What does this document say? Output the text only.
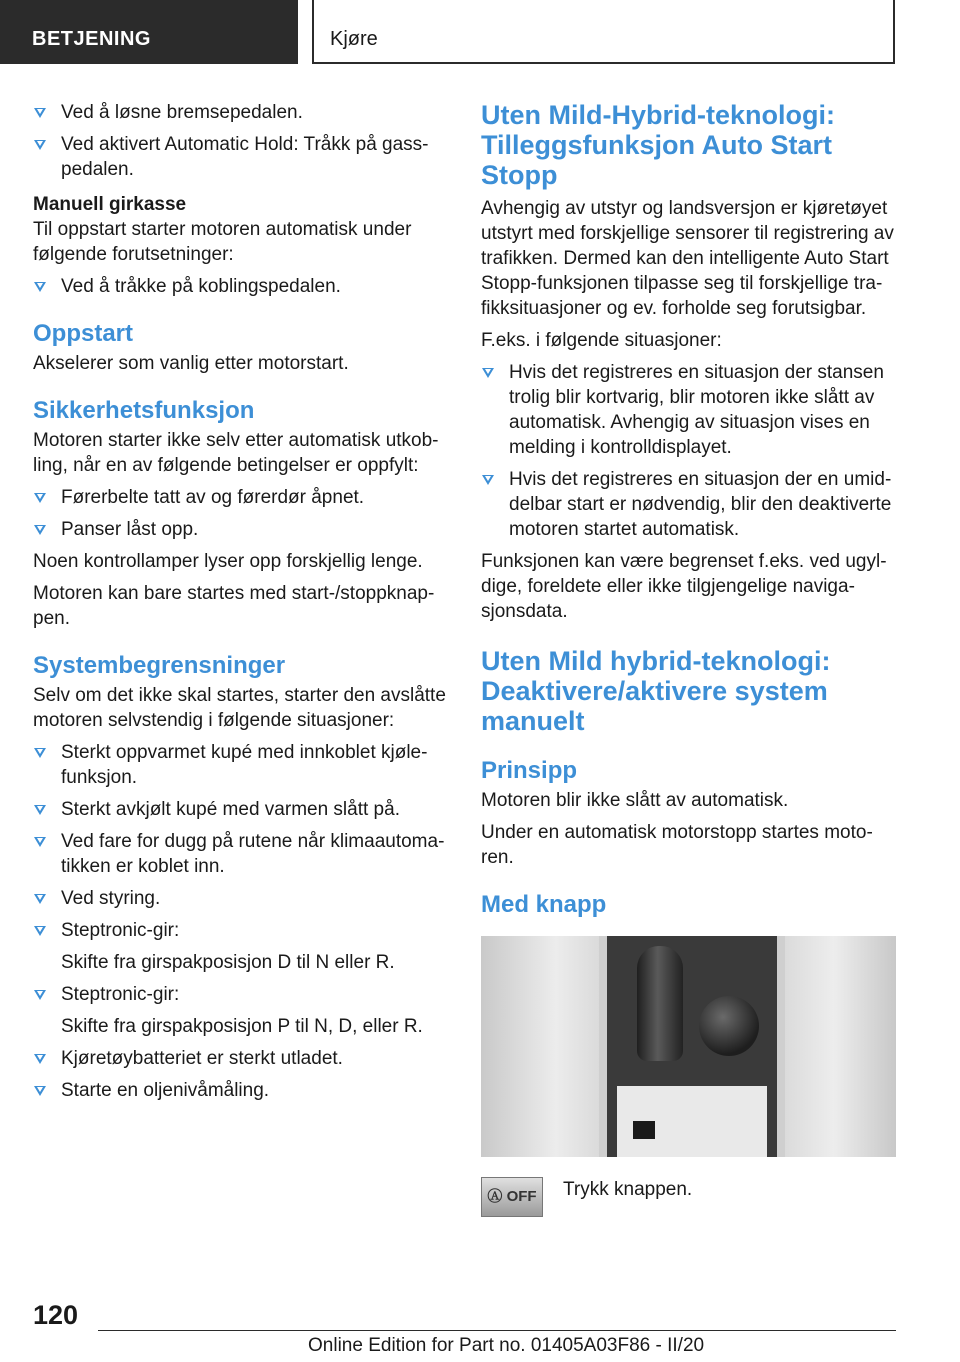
BETJENING	Kjøre
Ved å løsne bremsepedalen.
Ved aktivert Automatic Hold: Tråkk på gass-pedalen.
Manuell girkasse
Til oppstart starter motoren automatisk under følgende forutsetninger:
Ved å tråkke på koblingspedalen.
Oppstart
Akselerer som vanlig etter motorstart.
Sikkerhetsfunksjon
Motoren starter ikke selv etter automatisk utkob-ling, når en av følgende betingelser er oppfylt:
Førerbelte tatt av og førerdør åpnet.
Panser låst opp.
Noen kontrollamper lyser opp forskjellig lenge.
Motoren kan bare startes med start-/stoppknap-pen.
Systembegrensninger
Selv om det ikke skal startes, starter den avslåtte motoren selvstendig i følgende situasjoner:
Sterkt oppvarmet kupé med innkoblet kjøle-funksjon.
Sterkt avkjølt kupé med varmen slått på.
Ved fare for dugg på rutene når klimaautoma-tikken er koblet inn.
Ved styring.
Steptronic-gir:
Skifte fra girspakposisjon D til N eller R.
Steptronic-gir:
Skifte fra girspakposisjon P til N, D, eller R.
Kjøretøybatteriet er sterkt utladet.
Starte en oljenivåmåling.
Uten Mild-Hybrid-teknologi: Tilleggsfunksjon Auto Start Stopp
Avhengig av utstyr og landsversjon er kjøretøyet utstyrt med forskjellige sensorer til registrering av trafikken. Dermed kan den intelligente Auto Start Stopp-funksjonen tilpasse seg til forskjellige tra-fikksituasjoner og ev. forholde seg forutsigbar.
F.eks. i følgende situasjoner:
Hvis det registreres en situasjon der stansen trolig blir kortvarig, blir motoren ikke slått av automatisk. Avhengig av situasjon vises en melding i kontrolldisplayet.
Hvis det registreres en situasjon der en umid-delbar start er nødvendig, blir den deaktiverte motoren startet automatisk.
Funksjonen kan være begrenset f.eks. ved ugyl-dige, foreldete eller ikke tilgjengelige naviga-sjonsdata.
Uten Mild hybrid-teknologi: Deaktivere/aktivere system manuelt
Prinsipp
Motoren blir ikke slått av automatisk.
Under en automatisk motorstopp startes moto-ren.
Med knapp
Ⓐ OFF	Trykk knappen.
120
Online Edition for Part no. 01405A03F86 - II/20
